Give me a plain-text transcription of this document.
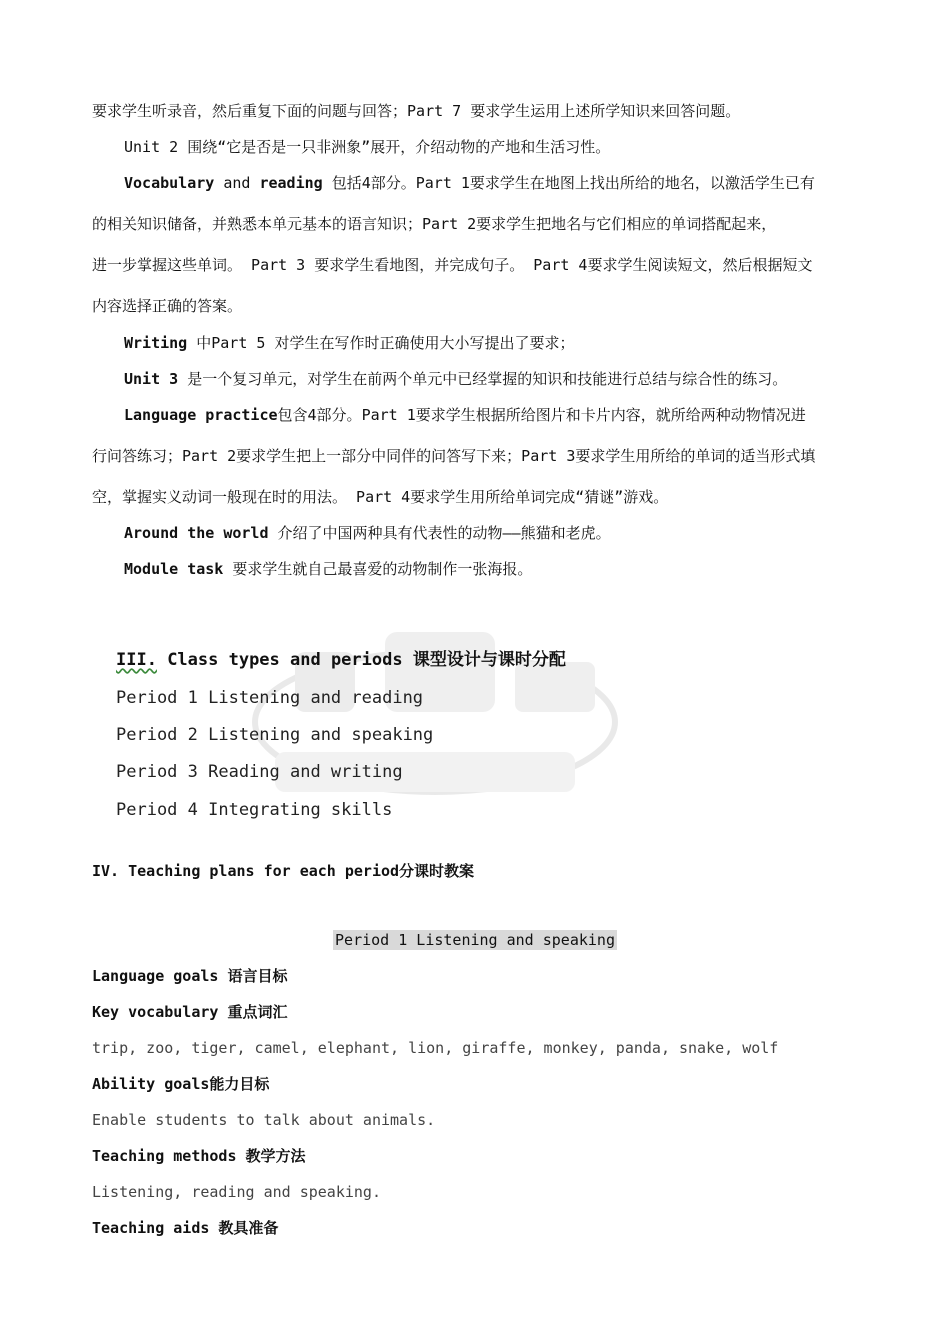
要求学生听录音，然后重复下面的问题与回答；Part 7 要求学生运用上述所学知识来回答问题。
Unit 2 围绕“它是否是一只非洲象”展开，介绍动物的产地和生活习性。
Vocabulary and reading 包括4部分。Part 1要求学生在地图上找出所给的地名，以激活学生已有
的相关知识储备，并熟悉本单元基本的语言知识；Part 2要求学生把地名与它们相应的单词搭配起来，
进一步掌握这些单词。 Part 3 要求学生看地图，并完成句子。 Part 4要求学生阅读短文，然后根据短文
内容选择正确的答案。
Writing 中Part 5 对学生在写作时正确使用大小写提出了要求；
Unit 3 是一个复习单元，对学生在前两个单元中已经掌握的知识和技能进行总结与综合性的练习。
Language practice包含4部分。Part 1要求学生根据所给图片和卡片内容，就所给两种动物情况进
行问答练习；Part 2要求学生把上一部分中同伴的问答写下来；Part 3要求学生用所给的单词的适当形式填
空，掌握实义动词一般现在时的用法。 Part 4要求学生用所给单词完成“猜谜”游戏。
Around the world 介绍了中国两种具有代表性的动物——熊猫和老虎。
Module task 要求学生就自己最喜爱的动物制作一张海报。
III. Class types and periods 课型设计与课时分配
Period 1 Listening and reading
Period 2 Listening and speaking
Period 3 Reading and writing
Period 4 Integrating skills
IV. Teaching plans for each period分课时教案
Period 1 Listening and speaking
Language goals 语言目标
Key vocabulary 重点词汇
trip, zoo, tiger, camel, elephant, lion, giraffe, monkey, panda, snake, wolf
Ability goals能力目标
Enable students to talk about animals.
Teaching methods 教学方法
Listening, reading and speaking.
Teaching aids 教具准备
